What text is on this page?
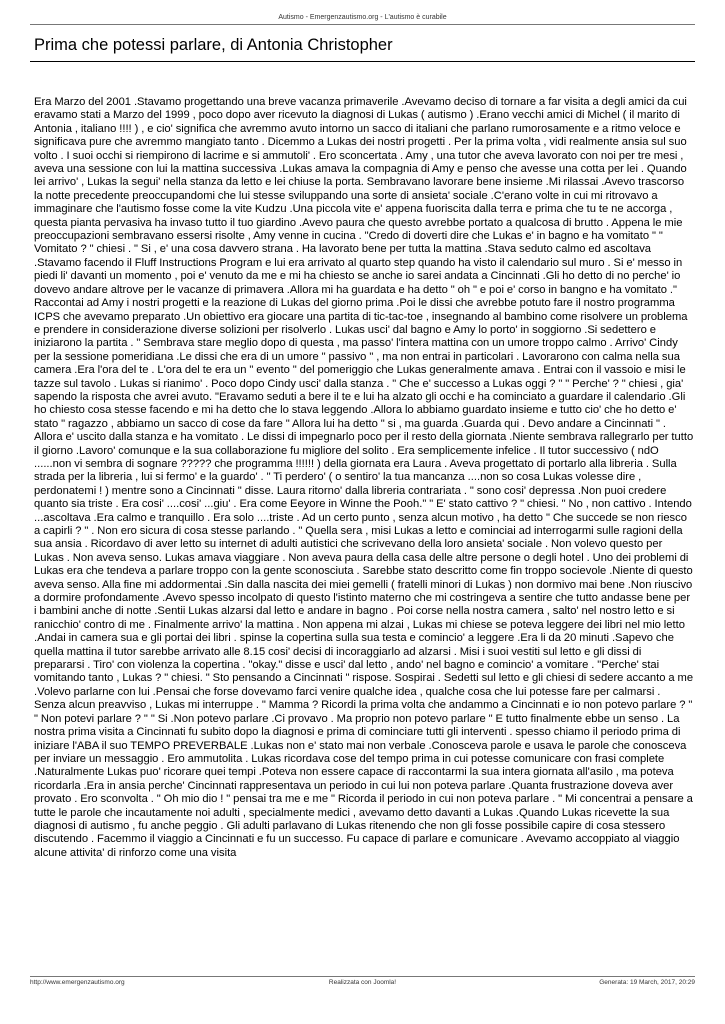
Autismo - Emergenzautismo.org - L'autismo è curabile
Prima che potessi parlare, di Antonia Christopher

Era Marzo del 2001 .Stavamo progettando una breve vacanza primaverile .Avevamo deciso di tornare a far visita a degli amici da cui eravamo stati a Marzo del 1999 , poco dopo aver ricevuto la diagnosi di Lukas ( autismo ) .Erano vecchi amici di Michel ( il marito di Antonia , italiano !!!! ) , e cio' significa che avremmo avuto intorno un sacco di italiani che parlano rumorosamente e a ritmo veloce e significava pure che avremmo mangiato tanto . Dicemmo a Lukas dei nostri progetti . Per la prima volta , vidi realmente ansia sul suo volto . I suoi occhi si riempirono di lacrime e si ammutoli' . Ero sconcertata . Amy , una tutor che aveva lavorato con noi per tre mesi , aveva una sessione con lui la mattina successiva .Lukas amava la compagnia di Amy e penso che avesse una cotta per lei . Quando lei arrivo' , Lukas la segui' nella stanza da letto e lei chiuse la porta. Sembravano lavorare bene insieme .Mi rilassai .Avevo trascorso la notte precedente preoccupandomi che lui stesse sviluppando una sorte di ansieta' sociale .C'erano volte in cui mi ritrovavo a immaginare che l'autismo fosse come la vite Kudzu .Una piccola vite e' appena fuoriscita dalla terra e prima che tu te ne accorga , questa pianta pervasiva ha invaso tutto il tuo giardino .Avevo paura che questo avrebbe portato a qualcosa di brutto . Appena le mie preoccupazioni sembravano essersi risolte , Amy venne in cucina . "Credo di doverti dire che Lukas e' in bagno e ha vomitato " " Vomitato ? " chiesi . " Si , e' una cosa davvero strana . Ha lavorato bene per tutta la mattina .Stava seduto calmo ed ascoltava .Stavamo facendo il Fluff Instructions Program e lui era arrivato al quarto step quando ha visto il calendario sul muro . Si e' messo in piedi li' davanti un momento , poi e' venuto da me e mi ha chiesto se anche io sarei andata a Cincinnati .Gli ho detto di no perche' io dovevo andare altrove per le vacanze di primavera .Allora mi ha guardata e ha detto " oh " e poi e' corso in bangno e ha vomitato ." Raccontai ad Amy i nostri progetti e la reazione di Lukas del giorno prima .Poi le dissi che avrebbe potuto fare il nostro programma ICPS che avevamo preparato .Un obiettivo era giocare una partita di tic-tac-toe , insegnando al bambino come risolvere un problema e prendere in considerazione diverse solizioni per risolverlo . Lukas usci' dal bagno e Amy lo porto' in soggiorno .Si sedettero e iniziarono la partita . " Sembrava stare meglio dopo di questa , ma passo' l'intera mattina con un umore troppo calmo . Arrivo' Cindy per la sessione pomeridiana .Le dissi che era di un umore " passivo " , ma non entrai in particolari . Lavorarono con calma nella sua camera .Era l'ora del te . L'ora del te era un " evento " del pomeriggio che Lukas generalmente amava . Entrai con il vassoio e misi le tazze sul tavolo . Lukas si rianimo' . Poco dopo Cindy usci' dalla stanza . " Che e' successo a Lukas oggi ? " " Perche' ? " chiesi , gia' sapendo la risposta che avrei avuto. "Eravamo seduti a bere il te e lui ha alzato gli occhi e ha cominciato a guardare il calendario .Gli ho chiesto cosa stesse facendo e mi ha detto che lo stava leggendo .Allora lo abbiamo guardato insieme e tutto cio' che ho detto e' stato " ragazzo , abbiamo un sacco di cose da fare " Allora lui ha detto " si , ma guarda .Guarda qui . Devo andare a Cincinnati " . Allora e' uscito dalla stanza e ha vomitato . Le dissi di impegnarlo poco per il resto della giornata .Niente sembrava rallegrarlo per tutto il giorno .Lavoro' comunque e la sua collaborazione fu migliore del solito . Era semplicemente infelice . Il tutor successivo ( ndO ......non vi sembra di sognare ????? che programma !!!!!! ) della giornata era Laura . Aveva progettato di portarlo alla libreria . Sulla strada per la libreria , lui si fermo' e la guardo' . " Ti perdero' ( o sentiro' la tua mancanza ....non so cosa Lukas volesse dire , perdonatemi ! ) mentre sono a Cincinnati " disse. Laura ritorno' dalla libreria contrariata . " sono cosi' depressa .Non puoi credere quanto sia triste . Era cosi' ....cosi' ...giu' . Era come Eeyore in Winne the Pooh." " E' stato cattivo ? " chiesi. " No , non cattivo . Intendo ...ascoltava .Era calmo e tranquillo . Era solo ....triste . Ad un certo punto , senza alcun motivo , ha detto " Che succede se non riesco a capirli ? " . Non ero sicura di cosa stesse parlando . " Quella sera , misi Lukas a letto e cominciai ad interrogarmi sulle ragioni della sua ansia . Ricordavo di aver letto su internet di adulti autistici che scrivevano della loro ansieta' sociale . Non volevo questo per Lukas . Non aveva senso. Lukas amava viaggiare . Non aveva paura della casa delle altre persone o degli hotel . Uno dei problemi di Lukas era che tendeva a parlare troppo con la gente sconosciuta . Sarebbe stato descritto come fin troppo socievole .Niente di questo aveva senso. Alla fine mi addormentai .Sin dalla nascita dei miei gemelli ( fratelli minori di Lukas ) non dormivo mai bene .Non riuscivo a dormire profondamente .Avevo spesso incolpato di questo l'istinto materno che mi costringeva a sentire che tutto andasse bene per i bambini anche di notte .Sentii Lukas alzarsi dal letto e andare in bagno . Poi corse nella nostra camera , salto' nel nostro letto e si ranicchio' contro di me . Finalmente arrivo' la mattina . Non appena mi alzai , Lukas mi chiese se poteva leggere dei libri nel mio letto .Andai in camera sua e gli portai dei libri . spinse la copertina sulla sua testa e comincio' a leggere .Era li da 20 minuti .Sapevo che quella mattina il tutor sarebbe arrivato alle 8.15 cosi' decisi di incoraggiarlo ad alzarsi . Misi i suoi vestiti sul letto e gli dissi di prepararsi . Tiro' con violenza la copertina . "okay." disse e usci' dal letto , ando' nel bagno e comincio' a vomitare . "Perche' stai vomitando tanto , Lukas ? " chiesi. " Sto pensando a Cincinnati " rispose. Sospirai . Sedetti sul letto e gli chiesi di sedere accanto a me .Volevo parlarne con lui .Pensai che forse dovevamo farci venire qualche idea , qualche cosa che lui potesse fare per calmarsi . Senza alcun preavviso , Lukas mi interruppe . " Mamma ? Ricordi la prima volta che andammo a Cincinnati e io non potevo parlare ? " " Non potevi parlare ? " " Si .Non potevo parlare .Ci provavo . Ma proprio non potevo parlare " E tutto finalmente ebbe un senso . La nostra prima visita a Cincinnati fu subito dopo la diagnosi e prima di cominciare tutti gli interventi . spesso chiamo il periodo prima di iniziare l'ABA il suo TEMPO PREVERBALE .Lukas non e' stato mai non verbale .Conosceva parole e usava le parole che conosceva per inviare un messaggio . Ero ammutolita . Lukas ricordava cose del tempo prima in cui potesse comunicare con frasi complete .Naturalmente Lukas puo' ricorare quei tempi .Poteva non essere capace di raccontarmi la sua intera giornata all'asilo , ma poteva ricordarla .Era in ansia perche' Cincinnati rappresentava un periodo in cui lui non poteva parlare .Quanta frustrazione doveva aver provato . Ero sconvolta . " Oh mio dio ! " pensai tra me e me " Ricorda il periodo in cui non poteva parlare . " Mi concentrai a pensare a tutte le parole che incautamente noi adulti , specialmente medici , avevamo detto davanti a Lukas .Quando Lukas ricevette la sua diagnosi di autismo , fu anche peggio . Gli adulti parlavano di Lukas ritenendo che non gli fosse possibile capire di cosa stessero discutendo . Facemmo il viaggio a Cincinnati e fu un successo. Fu capace di parlare e comunicare . Avevamo accoppiato al viaggio alcune attivita' di rinforzo come una visita

http://www.emergenzautismo.org	Realizzata con Joomla!	Generata: 19 March, 2017, 20:29
